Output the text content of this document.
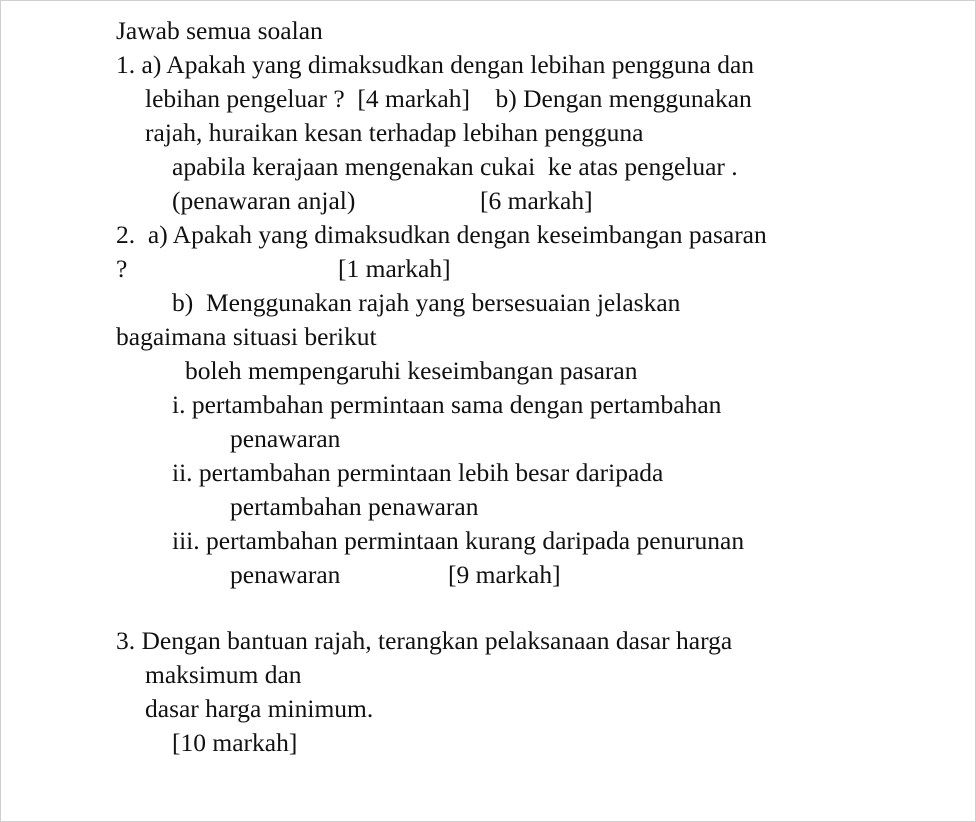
Jawab semua soalan

1. a) Apakah yang dimaksudkan dengan lebihan pengguna dan

lebihan pengeluar ?  [4 markah]    b) Dengan menggunakan

rajah, huraikan kesan terhadap lebihan pengguna

apabila kerajaan mengenakan cukai  ke atas pengeluar .

(penawaran anjal)	[6 markah]

2.  a) Apakah yang dimaksudkan dengan keseimbangan pasaran

?	[1 markah]

b)  Menggunakan rajah yang bersesuaian jelaskan

bagaimana situasi berikut

boleh mempengaruhi keseimbangan pasaran

i. pertambahan permintaan sama dengan pertambahan

penawaran

ii. pertambahan permintaan lebih besar daripada

pertambahan penawaran

iii. pertambahan permintaan kurang daripada penurunan

penawaran	[9 markah]

3. Dengan bantuan rajah, terangkan pelaksanaan dasar harga

maksimum dan

dasar harga minimum.

[10 markah]
